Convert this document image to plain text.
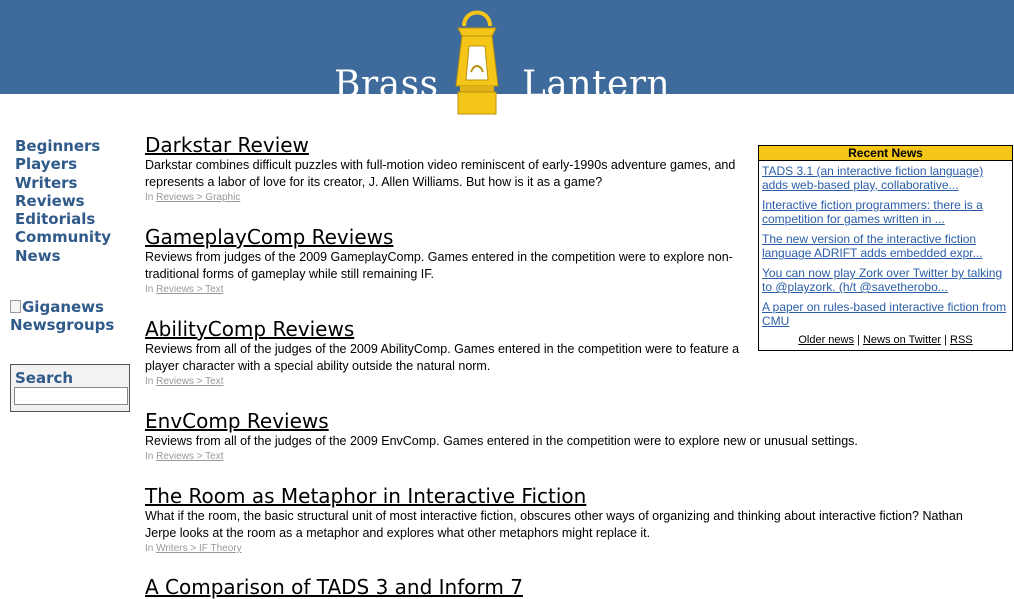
Brass Lantern
Beginners
Players
Writers
Reviews
Editorials
Community
News
Giganews
Newsgroups
Search
Darkstar Review
Darkstar combines difficult puzzles with full-motion video reminiscent of early-1990s adventure games, and represents a labor of love for its creator, J. Allen Williams. But how is it as a game?
In Reviews > Graphic
GameplayComp Reviews
Reviews from judges of the 2009 GameplayComp. Games entered in the competition were to explore non-traditional forms of gameplay while still remaining IF.
In Reviews > Text
AbilityComp Reviews
Reviews from all of the judges of the 2009 AbilityComp. Games entered in the competition were to feature a player character with a special ability outside the natural norm.
In Reviews > Text
EnvComp Reviews
Reviews from all of the judges of the 2009 EnvComp. Games entered in the competition were to explore new or unusual settings.
In Reviews > Text
The Room as Metaphor in Interactive Fiction
What if the room, the basic structural unit of most interactive fiction, obscures other ways of organizing and thinking about interactive fiction? Nathan Jerpe looks at the room as a metaphor and explores what other metaphors might replace it.
In Writers > IF Theory
A Comparison of TADS 3 and Inform 7
Recent News
TADS 3.1 (an interactive fiction language) adds web-based play, collaborative...
Interactive fiction programmers: there is a competition for games written in ...
The new version of the interactive fiction language ADRIFT adds embedded expr...
You can now play Zork over Twitter by talking to @playzork. (h/t @savetherobo...
A paper on rules-based interactive fiction from CMU
Older news | News on Twitter | RSS
